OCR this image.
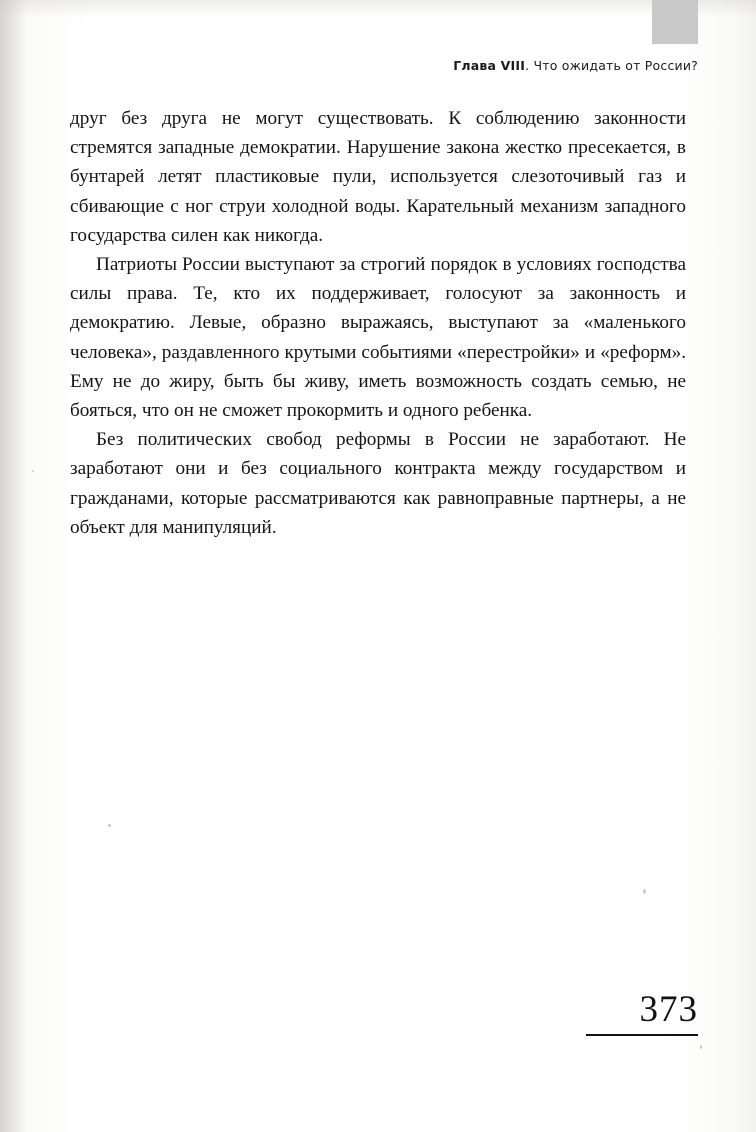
Глава VIII. Что ожидать от России?

друг без друга не могут существовать. К соблюдению законности стремятся западные демократии. Нарушение закона жестко пресекается, в бунтарей летят пластиковые пули, используется слезоточивый газ и сбивающие с ног струи холодной воды. Карательный механизм западного государства силен как никогда.

Патриоты России выступают за строгий порядок в условиях господства силы права. Те, кто их поддерживает, голосуют за законность и демократию. Левые, образно выражаясь, выступают за «маленького человека», раздавленного крутыми событиями «перестройки» и «реформ». Ему не до жиру, быть бы живу, иметь возможность создать семью, не бояться, что он не сможет прокормить и одного ребенка.

Без политических свобод реформы в России не заработают. Не заработают они и без социального контракта между государством и гражданами, которые рассматриваются как равноправные партнеры, а не объект для манипуляций.

373
